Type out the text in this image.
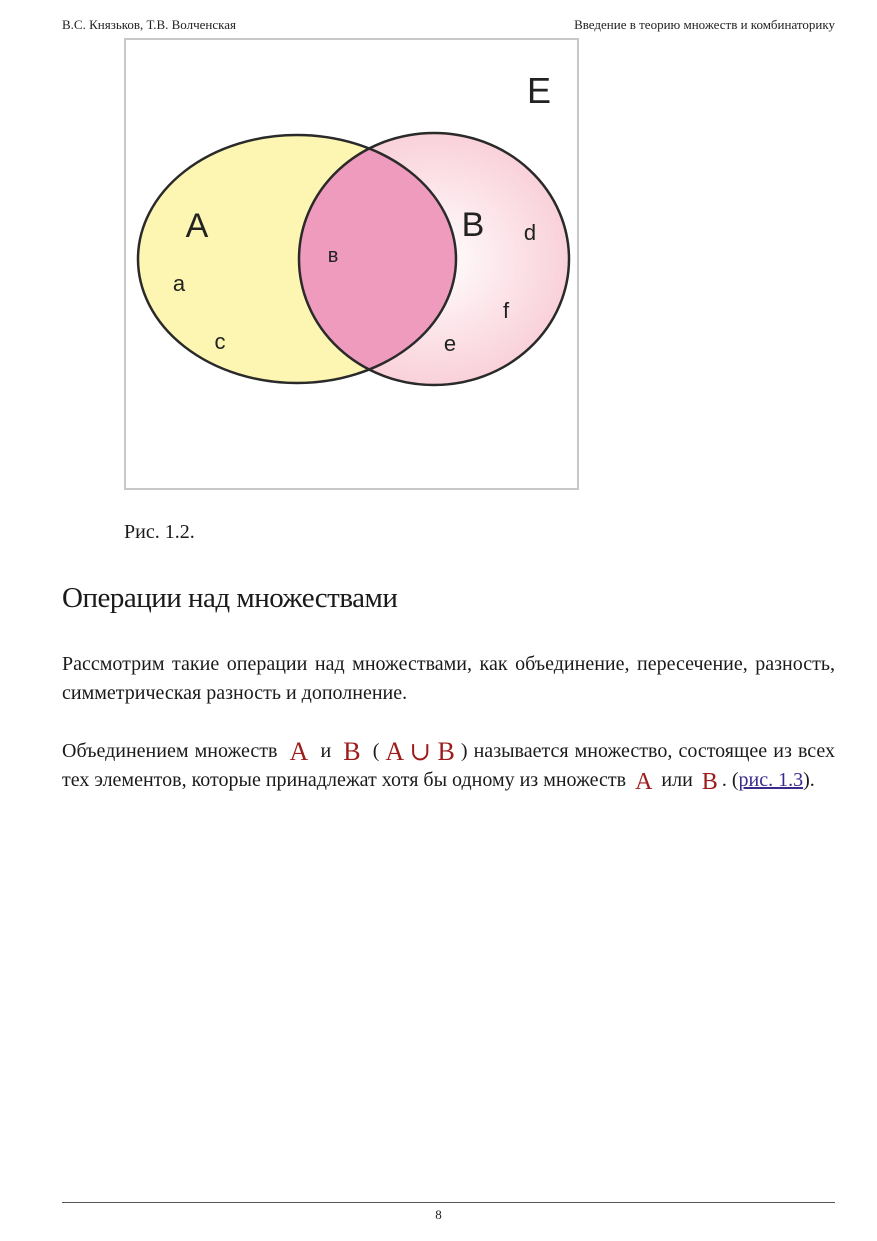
В.С. Князьков, Т.В. Волченская	Введение в теорию множеств и комбинаторику
E
A	B
в
a
c
d
f
e
Рис. 1.2.
Операции над множествами

Рассмотрим такие операции над множествами, как объединение, пересечение, разность, симметрическая разность и дополнение.

Объединением множеств A и B ( A ∪ B ) называется множество, состоящее из всех тех элементов, которые принадлежат хотя бы одному из множеств A или B . (рис. 1.3).

8
